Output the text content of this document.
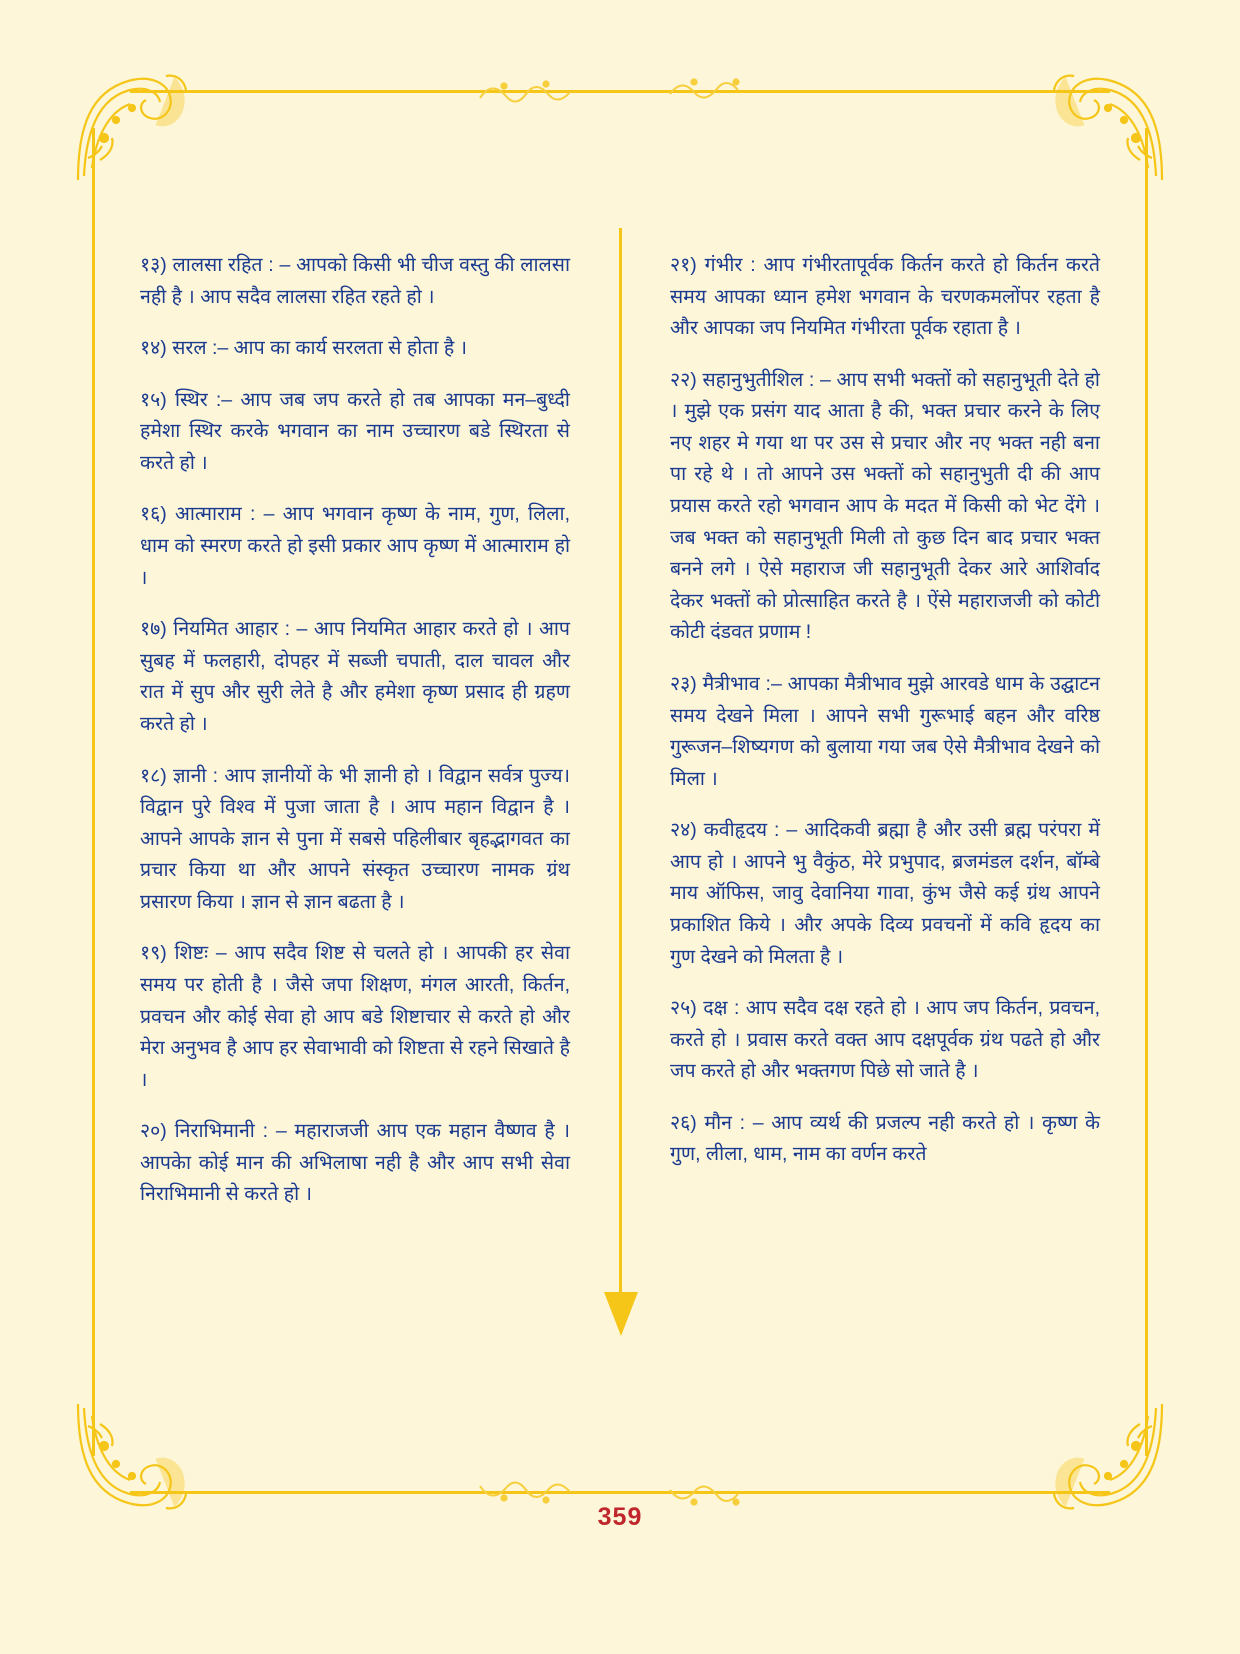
१३) लालसा रहित : – आपको किसी भी चीज वस्तु की लालसा नही है । आप सदैव लालसा रहित रहते हो ।

१४) सरल :– आप का कार्य सरलता से होता है ।

१५) स्थिर :– आप जब जप करते हो तब आपका मन–बुध्दी हमेशा स्थिर करके भगवान का नाम उच्चारण बडे स्थिरता से करते हो ।

१६) आत्माराम : – आप भगवान कृष्ण के नाम, गुण, लिला, धाम को स्मरण करते हो इसी प्रकार आप कृष्ण में आत्माराम हो ।

१७) नियमित आहार : – आप नियमित आहार करते हो । आप सुबह में फलहारी, दोपहर में सब्जी चपाती, दाल चावल और रात में सुप और सुरी लेते है और हमेशा कृष्ण प्रसाद ही ग्रहण करते हो ।

१८) ज्ञानी : आप ज्ञानीयों के भी ज्ञानी हो । विद्वान सर्वत्र पुज्य। विद्वान पुरे विश्व में पुजा जाता है । आप महान विद्वान है । आपने आपके ज्ञान से पुना में सबसे पहिलीबार बृहद्भागवत का प्रचार किया था और आपने संस्कृत उच्चारण नामक ग्रंथ प्रसारण किया । ज्ञान से ज्ञान बढता है ।

१९) शिष्टः – आप सदैव शिष्ट से चलते हो । आपकी हर सेवा समय पर होती है । जैसे जपा शिक्षण, मंगल आरती, कि‍र्तन, प्रवचन और कोई सेवा हो आप बडे शिष्टाचार से करते हो और मेरा अनुभव है आप हर सेवाभावी को शिष्टता से रहने सिखाते है ।

२०) निराभिमानी : – महाराजजी आप एक महान वैष्णव है । आपकेा कोई मान की अभिलाषा नही है और आप सभी सेवा निराभिमानी से करते हो ।

२१) गंभीर : आप गंभीरतापूर्वक कि‍र्तन करते हो कि‍र्तन करते समय आपका ध्यान हमेश भगवान के चरणकमलोंपर रहता है और आपका जप नियमित गंभीरता पूर्वक रहाता है ।

२२) सहानुभुतीशिल : – आप सभी भक्तों को सहानुभूती देते हो । मुझे एक प्रसंग याद आता है की, भक्त प्रचार करने के लिए नए शहर मे गया था पर उस से प्रचार और नए भक्त नही बना पा रहे थे । तो आपने उस भक्तों को सहानुभुती दी की आप प्रयास करते रहो भगवान आप के मदत में किसी को भेट देंगे । जब भक्त को सहानुभूती मिली तो कुछ दिन बाद प्रचार भक्त बनने लगे । ऐसे महाराज जी सहानुभूती देकर आरे आशिर्वाद देकर भक्तों को प्रोत्साहित करते है । ऐंसे महाराजजी को कोटी कोटी दंडवत प्रणाम !

२३) मैत्रीभाव :– आपका मैत्रीभाव मुझे आरवडे धाम के उद्घाटन समय देखने मिला । आपने सभी गुरूभाई बहन और वरिष्ठ गुरूजन–शिष्यगण को बुलाया गया जब ऐसे मैत्रीभाव देखने को मिला ।

२४) कवीहृदय : – आदिकवी ब्रह्मा है और उसी ब्रह्म परंपरा में आप हो । आपने भु वैकुंठ, मेरे प्रभुपाद, ब्रजमंडल दर्शन, बॉम्बे माय ऑफिस, जावु देवानिया गावा, कुंभ जैसे कई ग्रंथ आपने प्रकाशित किये । और अपके दिव्य प्रवचनों में कवि हृदय का गुण देखने को मिलता है ।

२५) दक्ष : आप सदैव दक्ष रहते हो । आप जप कि‍र्तन, प्रवचन, करते हो । प्रवास करते वक्त आप दक्षपूर्वक ग्रंथ पढते हो और जप करते हो और भक्तगण पिछे सो जाते है ।

२६) मौन : – आप व्यर्थ की प्रजल्प नही करते हो । कृष्ण के गुण, लीला, धाम, नाम का वर्णन करते

359
